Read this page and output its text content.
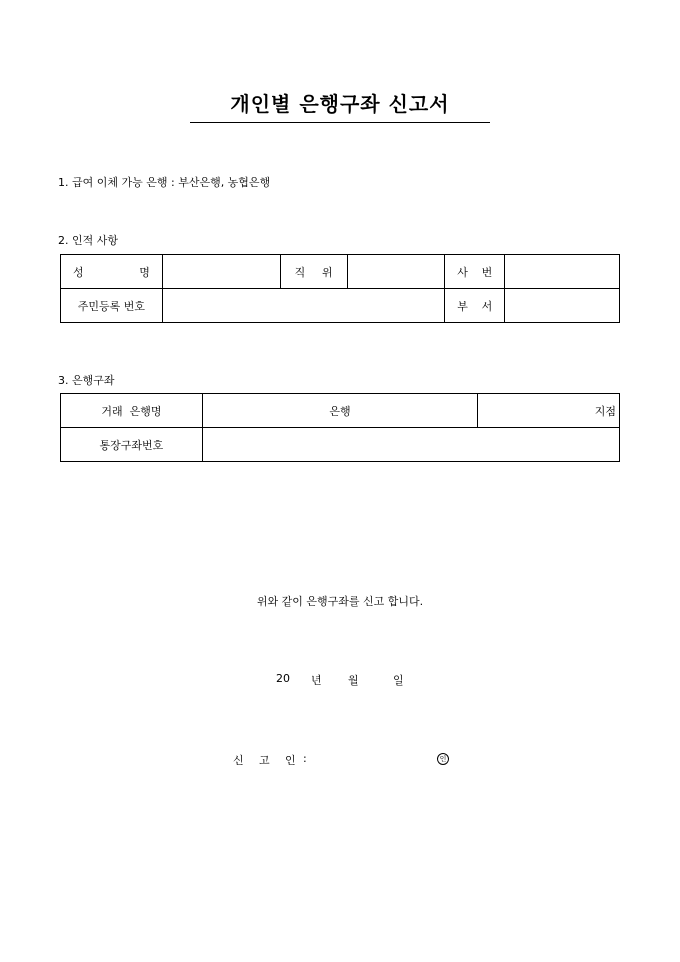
개인별 은행구좌 신고서
1. 급여 이체 가능 은행 : 부산은행, 농협은행
2. 인적 사항
성 명		직 위		사 번	

주민등록 번호				부 서	

3. 은행구좌
거래  은행명	은행	지점
통장구좌번호		
위와 같이 은행구좌를 신고 합니다.
20 년 월	일
신 고 인 :	인
